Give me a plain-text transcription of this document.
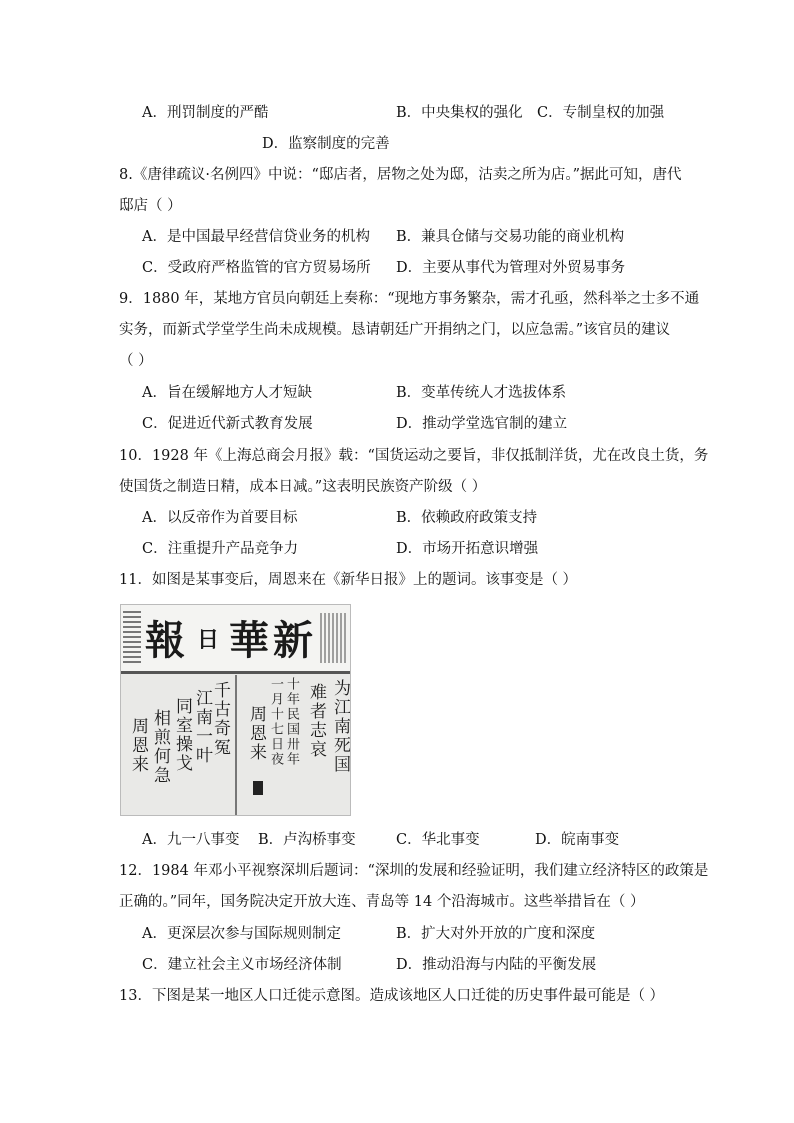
A．刑罚制度的严酷	B．中央集权的强化 C．专制皇权的加强
D．监察制度的完善
8.《唐律疏议·名例四》中说：“邸店者，居物之处为邸，沽卖之所为店。”据此可知，唐代
邸店（ ）
A．是中国最早经营信贷业务的机构 B．兼具仓储与交易功能的商业机构
C．受政府严格监管的官方贸易场所 D．主要从事代为管理对外贸易事务
9．1880 年，某地方官员向朝廷上奏称：“现地方事务繁杂，需才孔亟，然科举之士多不通
实务，而新式学堂学生尚未成规模。恳请朝廷广开捐纳之门，以应急需。”该官员的建议
（ ）
A．旨在缓解地方人才短缺	B．变革传统人才选拔体系
C．促进近代新式教育发展	D．推动学堂选官制的建立
10．1928 年《上海总商会月报》载：“国货运动之要旨，非仅抵制洋货，尤在改良土货，务
使国货之制造日精，成本日减。”这表明民族资产阶级（ ）
A．以反帝作为首要目标	B．依赖政府政策支持
C．注重提升产品竞争力	D．市场开拓意识增强
11．如图是某事变后，周恩来在《新华日报》上的题词。该事变是（ ）
報 日 華 新
为江南死国
难者志哀
十年民国卅年
一月十七日夜
周恩来
千古奇冤
江南一叶
同室操戈
相煎何急
周恩来
A．九一八事变 B．卢沟桥事变	C．华北事变	D．皖南事变
12．1984 年邓小平视察深圳后题词：“深圳的发展和经验证明，我们建立经济特区的政策是
正确的。”同年，国务院决定开放大连、青岛等 14 个沿海城市。这些举措旨在（ ）
A．更深层次参与国际规则制定	B．扩大对外开放的广度和深度
C．建立社会主义市场经济体制	D．推动沿海与内陆的平衡发展
13．下图是某一地区人口迁徙示意图。造成该地区人口迁徙的历史事件最可能是（ ）
